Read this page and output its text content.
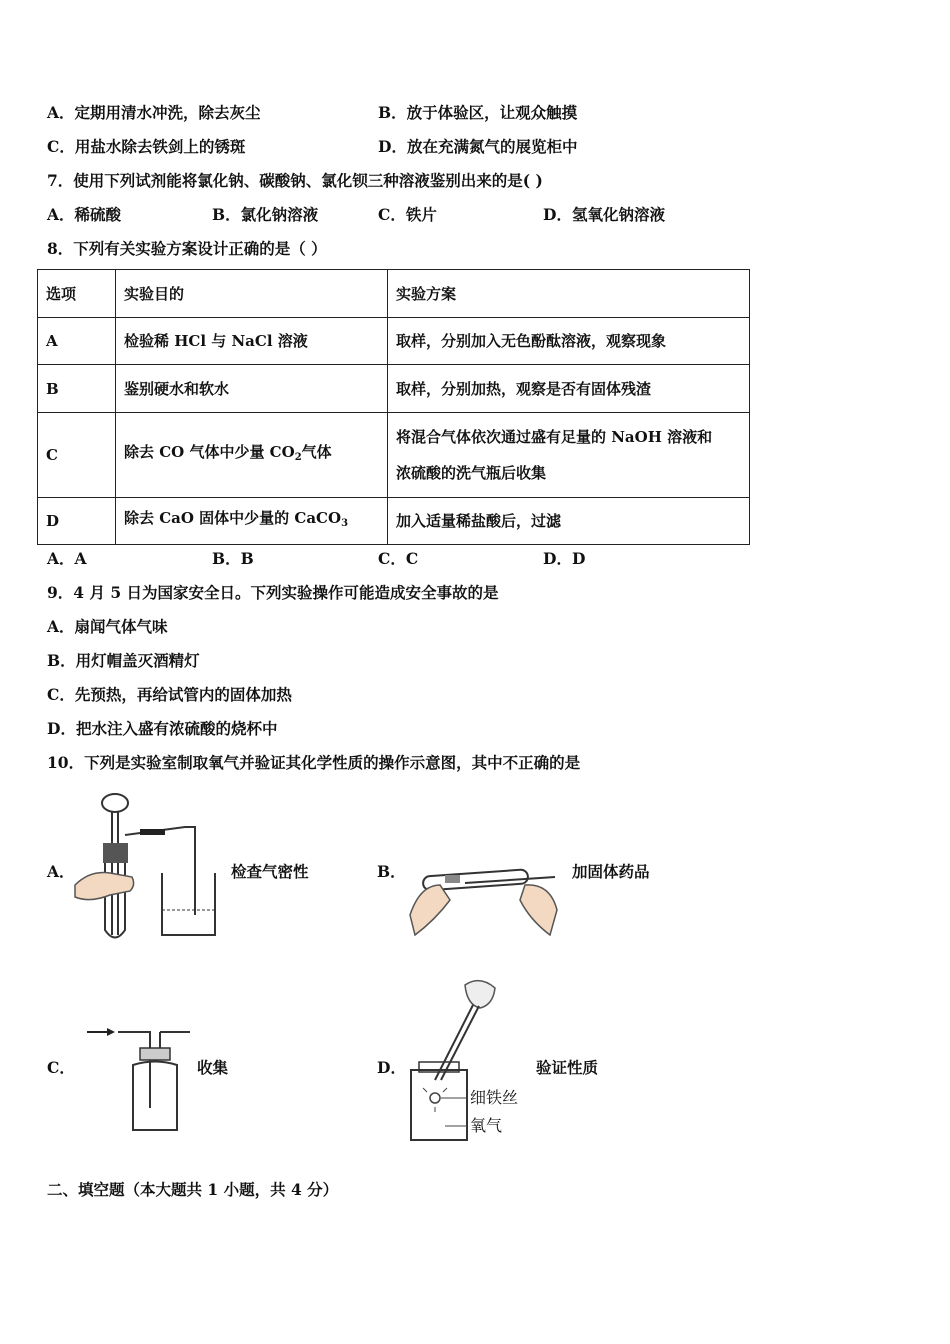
A．定期用清水冲洗，除去灰尘	B．放于体验区，让观众触摸
C．用盐水除去铁剑上的锈斑	D．放在充满氮气的展览柜中
7．使用下列试剂能将氯化钠、碳酸钠、氯化钡三种溶液鉴别出来的是( )
A．稀硫酸	B．氯化钠溶液	C．铁片	D．氢氧化钠溶液
8．下列有关实验方案设计正确的是（ ）
选项	实验目的	实验方案
A	检验稀 HCl 与 NaCl 溶液	取样，分别加入无色酚酞溶液，观察现象
B	鉴别硬水和软水	取样，分别加热，观察是否有固体残渣
C	除去 CO 气体中少量 $CO_2$气体	将混合气体依次通过盛有足量的 NaOH 溶液和
浓硫酸的洗气瓶后收集

D	除去 CaO 固体中少量的 CaCO$_3$	加入适量稀盐酸后，过滤
A．A	B．B	C．C	D．D
9．4 月 5 日为国家安全日。下列实验操作可能造成安全事故的是
A．扇闻气体气味
B．用灯帽盖灭酒精灯
C．先预热，再给试管内的固体加热
D．把水注入盛有浓硫酸的烧杯中
10．下列是实验室制取氧气并验证其化学性质的操作示意图，其中不正确的是
A．	检查气密性	B．	加固体药品
C．	收集	D．	验证性质
细铁丝
氧气
二、填空题（本大题共 1 小题，共 4 分）
